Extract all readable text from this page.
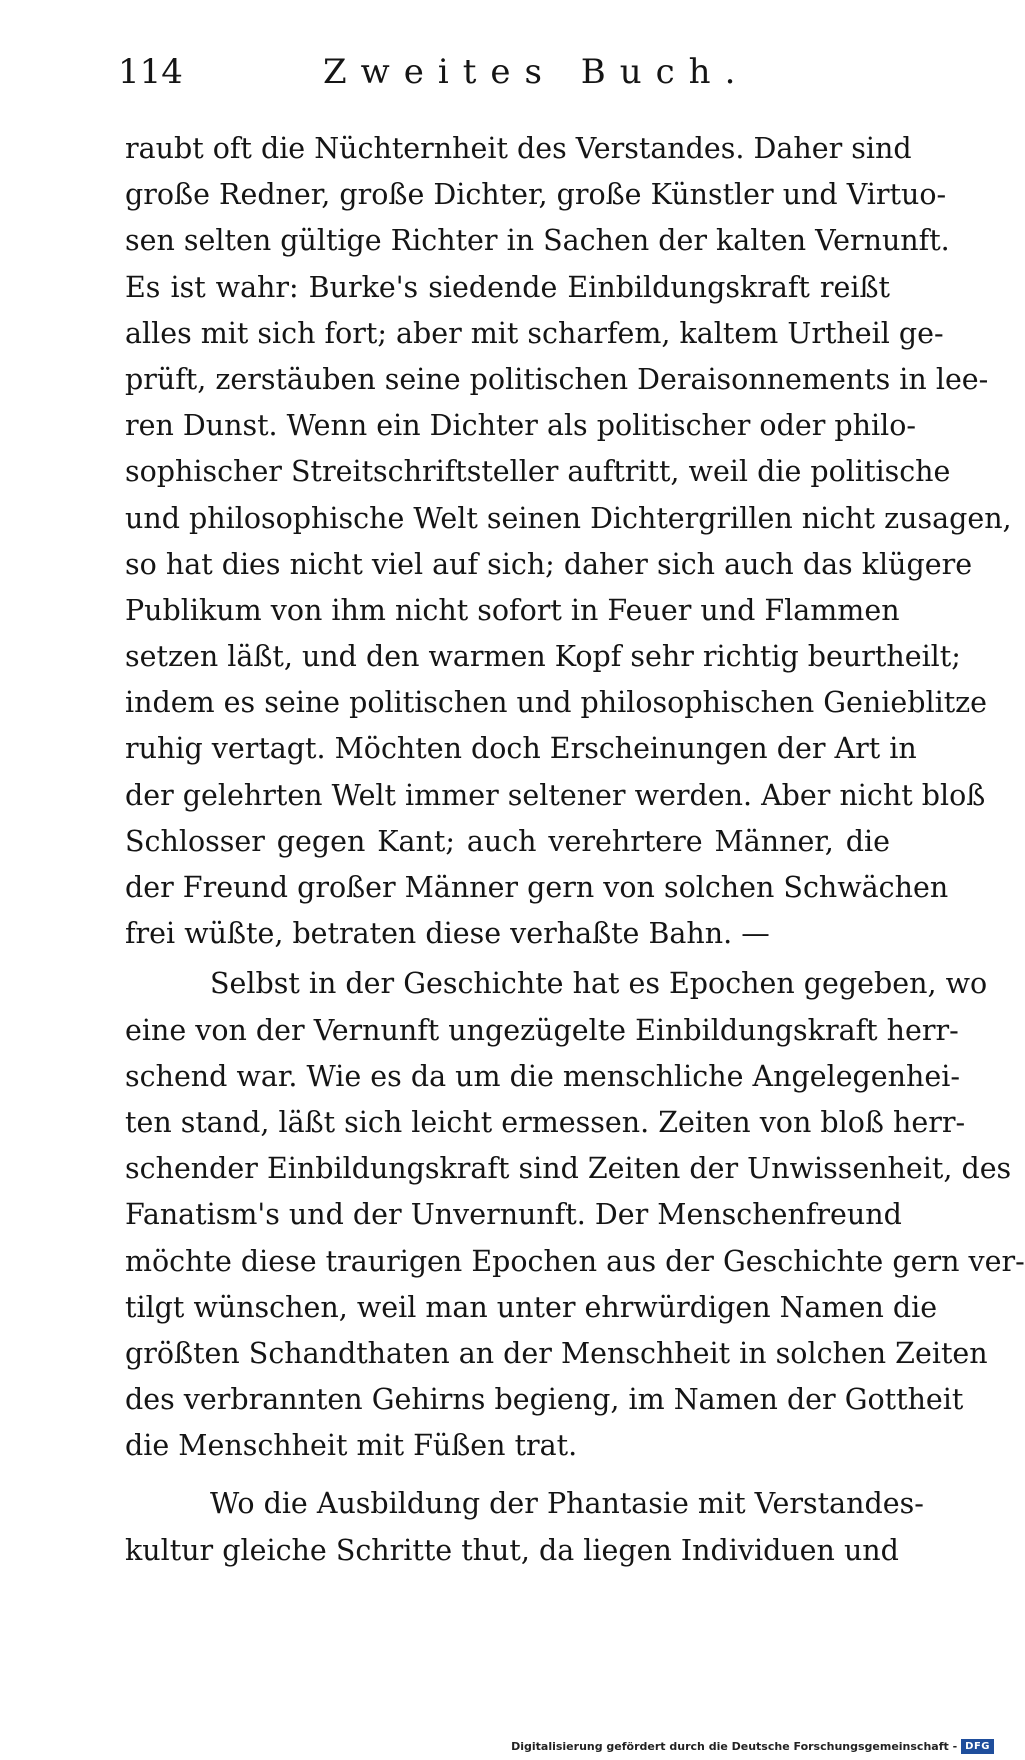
114	Zweites Buch.
raubt oft die Nüchternheit des Verstandes. Daher sind
große Redner, große Dichter, große Künstler und Virtuo-
sen selten gültige Richter in Sachen der kalten Vernunft.
Es ist wahr: Burke's siedende Einbildungskraft reißt
alles mit sich fort; aber mit scharfem, kaltem Urtheil ge-
prüft, zerstäuben seine politischen Deraisonnements in lee-
ren Dunst. Wenn ein Dichter als politischer oder philo-
sophischer Streitschriftsteller auftritt, weil die politische
und philosophische Welt seinen Dichtergrillen nicht zusagen,
so hat dies nicht viel auf sich; daher sich auch das klügere
Publikum von ihm nicht sofort in Feuer und Flammen
setzen läßt, und den warmen Kopf sehr richtig beurtheilt;
indem es seine politischen und philosophischen Genieblitze
ruhig vertagt. Möchten doch Erscheinungen der Art in
der gelehrten Welt immer seltener werden. Aber nicht bloß
Schlosser gegen Kant; auch verehrtere Männer, die
der Freund großer Männer gern von solchen Schwächen
frei wüßte, betraten diese verhaßte Bahn. —
Selbst in der Geschichte hat es Epochen gegeben, wo
eine von der Vernunft ungezügelte Einbildungskraft herr-
schend war. Wie es da um die menschliche Angelegenhei-
ten stand, läßt sich leicht ermessen. Zeiten von bloß herr-
schender Einbildungskraft sind Zeiten der Unwissenheit, des
Fanatism's und der Unvernunft. Der Menschenfreund
möchte diese traurigen Epochen aus der Geschichte gern ver-
tilgt wünschen, weil man unter ehrwürdigen Namen die
größten Schandthaten an der Menschheit in solchen Zeiten
des verbrannten Gehirns begieng, im Namen der Gottheit
die Menschheit mit Füßen trat.
Wo die Ausbildung der Phantasie mit Verstandes-
kultur gleiche Schritte thut, da liegen Individuen und
Digitalisierung gefördert durch die Deutsche Forschungsgemeinschaft - DFG
